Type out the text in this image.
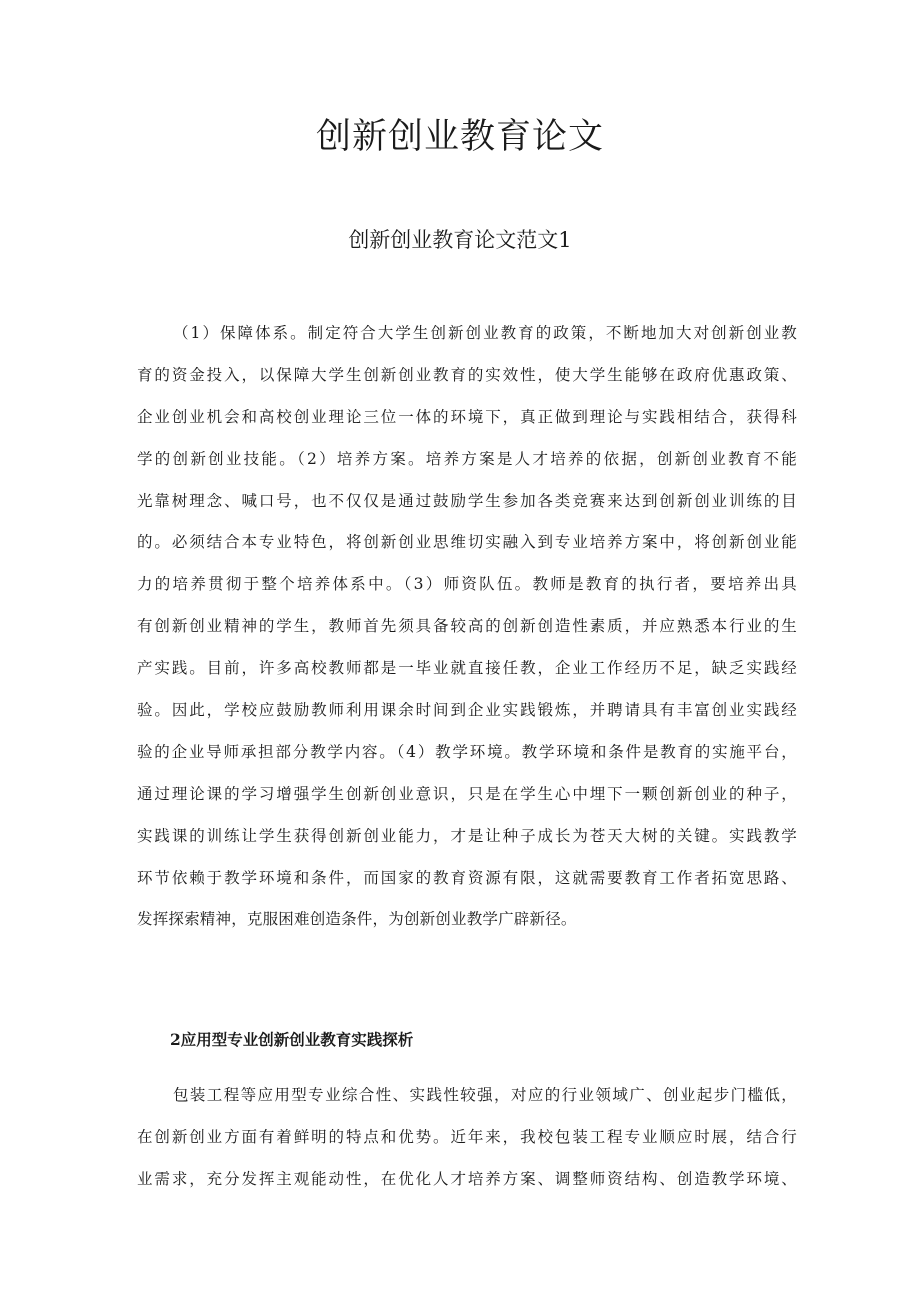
创新创业教育论文
创新创业教育论文范文1
（1）保障体系。制定符合大学生创新创业教育的政策，不断地加大对创新创业教
育的资金投入，以保障大学生创新创业教育的实效性，使大学生能够在政府优惠政策、
企业创业机会和高校创业理论三位一体的环境下，真正做到理论与实践相结合，获得科
学的创新创业技能。（2）培养方案。培养方案是人才培养的依据，创新创业教育不能
光靠树理念、喊口号，也不仅仅是通过鼓励学生参加各类竞赛来达到创新创业训练的目
的。必须结合本专业特色，将创新创业思维切实融入到专业培养方案中，将创新创业能
力的培养贯彻于整个培养体系中。（3）师资队伍。教师是教育的执行者，要培养出具
有创新创业精神的学生，教师首先须具备较高的创新创造性素质，并应熟悉本行业的生
产实践。目前，许多高校教师都是一毕业就直接任教，企业工作经历不足，缺乏实践经
验。因此，学校应鼓励教师利用课余时间到企业实践锻炼，并聘请具有丰富创业实践经
验的企业导师承担部分教学内容。（4）教学环境。教学环境和条件是教育的实施平台，
通过理论课的学习增强学生创新创业意识，只是在学生心中埋下一颗创新创业的种子，
实践课的训练让学生获得创新创业能力，才是让种子成长为苍天大树的关键。实践教学
环节依赖于教学环境和条件，而国家的教育资源有限，这就需要教育工作者拓宽思路、
发挥探索精神，克服困难创造条件，为创新创业教学广辟新径。
2应用型专业创新创业教育实践探析
包装工程等应用型专业综合性、实践性较强，对应的行业领域广、创业起步门槛低，
在创新创业方面有着鲜明的特点和优势。近年来，我校包装工程专业顺应时展，结合行
业需求，充分发挥主观能动性，在优化人才培养方案、调整师资结构、创造教学环境、
